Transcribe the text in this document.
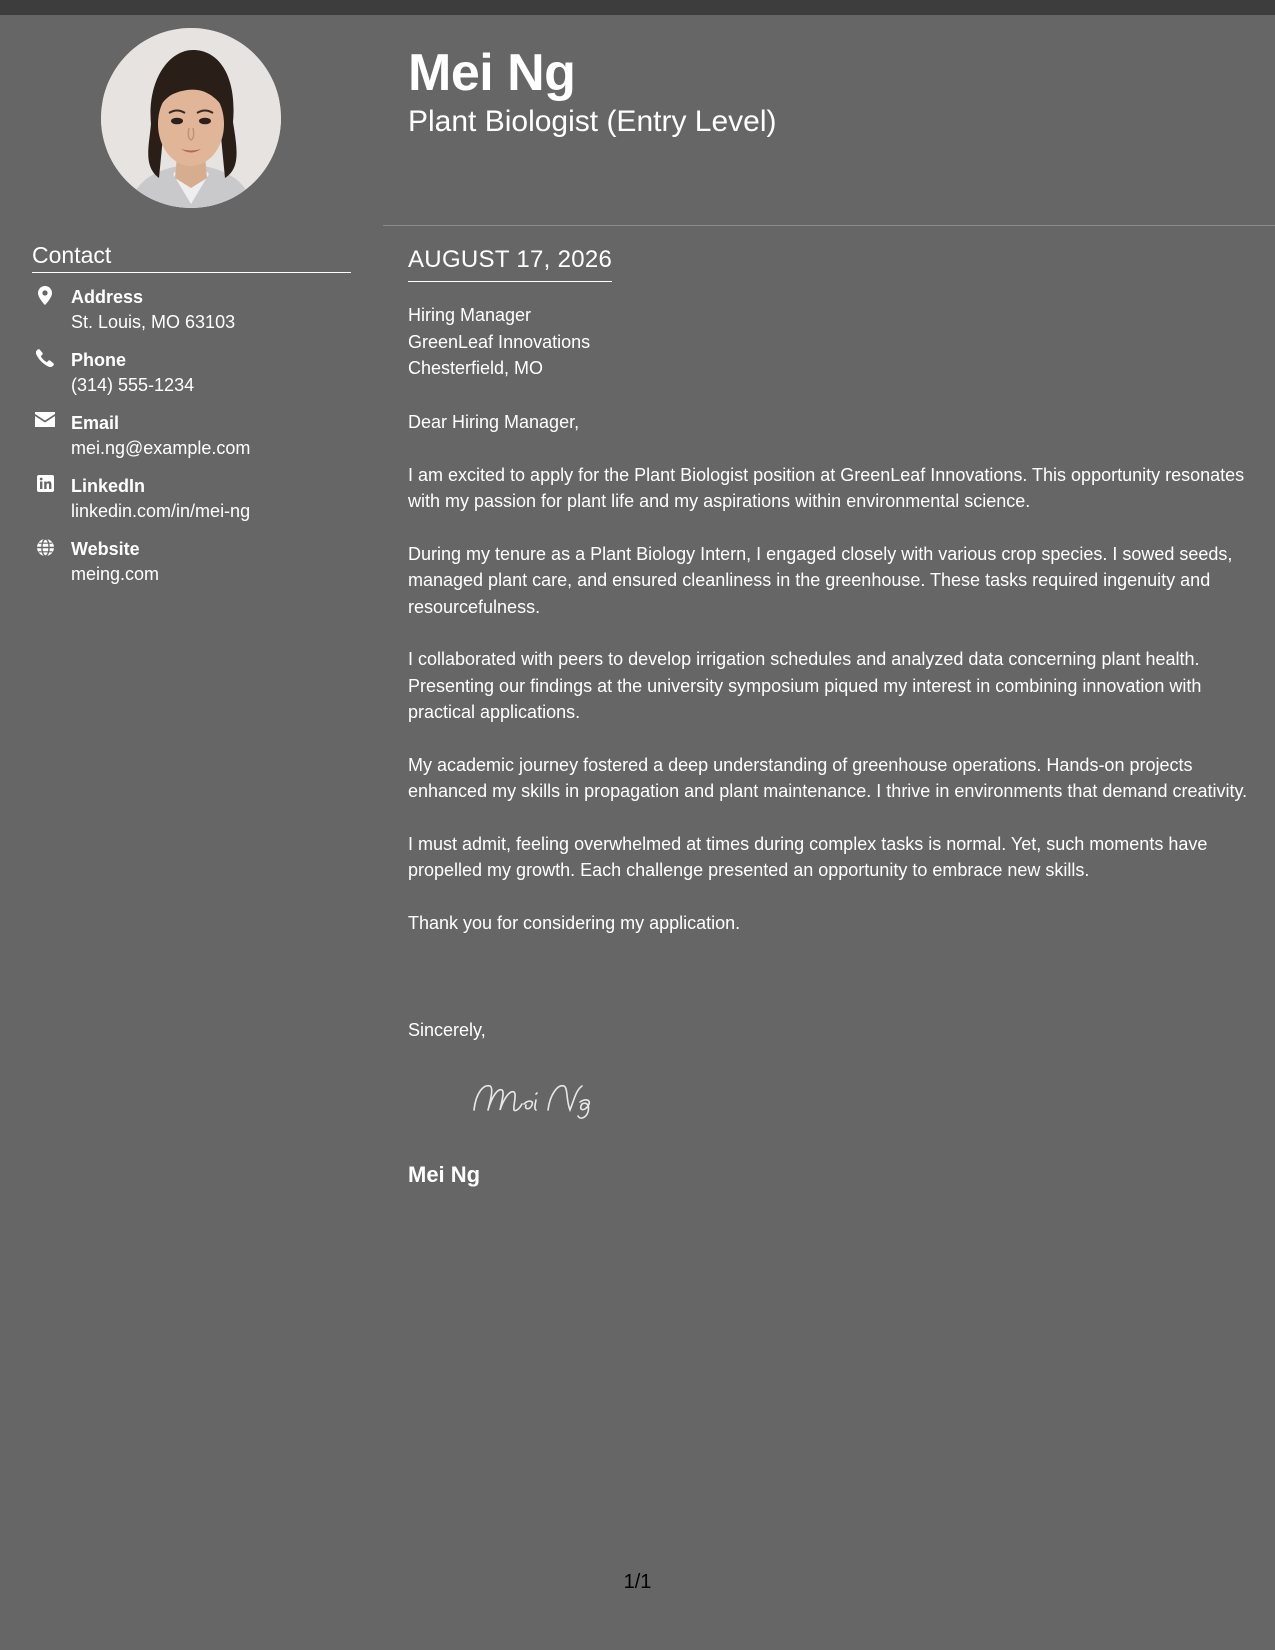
Contact
Address
St. Louis, MO 63103
Phone
(314) 555-1234
Email
mei.ng@example.com
LinkedIn
linkedin.com/in/mei-ng
Website
meing.com
Mei Ng
Plant Biologist (Entry Level)
AUGUST 17, 2026
Hiring Manager
GreenLeaf Innovations
Chesterfield, MO

Dear Hiring Manager,

I am excited to apply for the Plant Biologist position at GreenLeaf Innovations. This opportunity resonates with my passion for plant life and my aspirations within environmental science.

During my tenure as a Plant Biology Intern, I engaged closely with various crop species. I sowed seeds, managed plant care, and ensured cleanliness in the greenhouse. These tasks required ingenuity and resourcefulness.

I collaborated with peers to develop irrigation schedules and analyzed data concerning plant health. Presenting our findings at the university symposium piqued my interest in combining innovation with practical applications.

My academic journey fostered a deep understanding of greenhouse operations. Hands-on projects enhanced my skills in propagation and plant maintenance. I thrive in environments that demand creativity.

I must admit, feeling overwhelmed at times during complex tasks is normal. Yet, such moments have propelled my growth. Each challenge presented an opportunity to embrace new skills.

Thank you for considering my application.

Sincerely,
Mei Ng
1/1
